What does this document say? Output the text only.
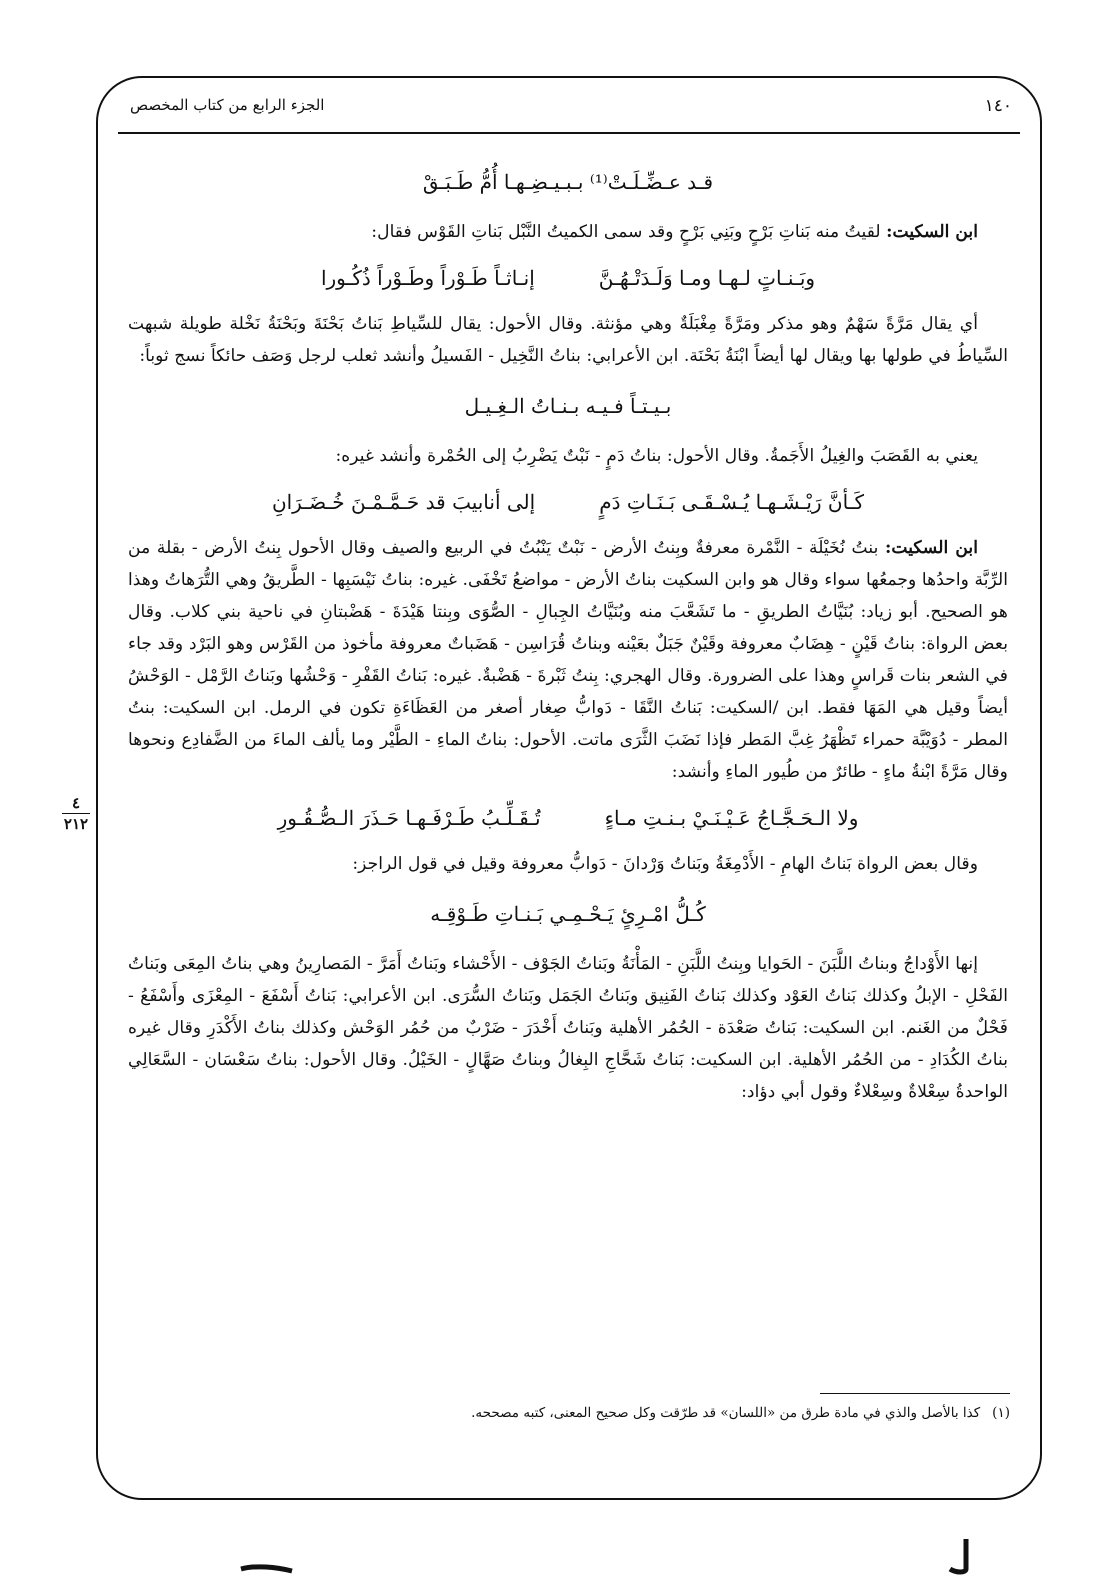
١٤٠
الجزء الرابع من كتاب المخصص
قـد عـضِّـلَـتْ⁽¹⁾ بـبـيـضِـهـا أُمُّ طَـبَـقْ

ابن السكيت: لقيتُ منه بَناتِ بَرْحٍ وبَنِي بَرْحٍ وقد سمى الكميتُ النَّبْل بَناتِ القَوْس فقال:

وبَـنـاتٍ لـهـا ومـا وَلَـدَتْـهُـنَّ
إنـاثـاً طَـوْراً وطَـوْراً ذُكُـورا

أي يقال مَرَّةً سَهْمٌ وهو مذكر ومَرَّةً مِغْبَلَةٌ وهي مؤنثة. وقال الأحول: يقال للسِّياطِ بَناتُ بَحْنَةَ وبَحْنَةُ نَخْلة طويلة شبهت السِّياطُ في طولها بها ويقال لها أيضاً ابْنَةُ بَحْنَة. ابن الأعرابي: بناتُ النَّخِيل - الفَسيلُ وأنشد ثعلب لرجل وَصَف حائكاً نسج ثوباً:

بـيـتـاً فـيـه بـنـاتُ الـغِـيـل

يعني به القَصَبَ والغِيلُ الأَجَمةُ. وقال الأحول: بناتُ دَمٍ - نَبْتٌ يَضْرِبُ إلى الحُمْرة وأنشد غيره:

كَـأنَّ رَيْـشَـهـا يُـسْـقَـى بَـنَـاتِ دَمٍ
إلى أنابيبَ قد حَـمَّـمْـنَ خُـضَـرَانِ

ابن السكيت: بنتُ نُخَيْلَة - النَّمْرة معرفةٌ وبِنتُ الأرض - نَبْتٌ يَنْبُتُ في الربيع والصيف وقال الأحول بِنتُ الأرض - بقلة من الرِّبَّة واحدُها وجمعُها سواء وقال هو وابن السكيت بناتُ الأرض - مواضعُ تَخْفَى. غيره: بناتُ نَيْسَبِها - الطَّريقُ وهي التُّرَهاتُ وهذا هو الصحيح. أبو زياد: بُنَيَّاتُ الطريقِ - ما تَشَعَّبَ منه وبُنَيَّاتُ الجِبالِ - الصُّوَى وبِنتا هَيْدَةَ - هَضْبتانِ في ناحية بني كلاب. وقال بعض الرواة: بناتُ قَيْنٍ - هِضَابٌ معروفة وقَيْنٌ جَبَلٌ بعَيْنه وبناتُ قُرَاسِن - هَضَباتٌ معروفة مأخوذ من القَرْس وهو البَرْد وقد جاء في الشعر بنات قَراسٍ وهذا على الضرورة. وقال الهجري: بِنتُ ثَبْرةَ - هَضْبةٌ. غيره: بَناتُ القَفْرِ - وَحْشُها وبَناتُ الرَّمْل - الوَحْشُ أيضاً وقيل هي المَهَا فقط. ابن /السكيت: بَناتُ النَّقَا - دَوابُّ صِغار أصغر من العَظَاءَةِ تكون في الرمل. ابن السكيت: بنتُ المطر - دُوَيْبَّة حمراء تَظْهَرُ غِبَّ المَطر فإذا نَضَبَ الثَّرَى ماتت. الأحول: بناتُ الماءِ - الطَّيْر وما يألف الماءَ من الضَّفادِع ونحوها وقال مَرَّةً ابْنةُ ماءٍ - طائرٌ من طُيور الماءِ وأنشد:

ولا الـحَـجَّـاجُ عَـيْـنَـيْ بـنـتِ مـاءٍ
تُـقَـلِّـبُ طَـرْفَـهـا حَـذَرَ الـصُّـقُـورِ

وقال بعض الرواة بَناتُ الهامِ - الأَدْمِغَةُ وبَناتُ وَرْدانَ - دَوابُّ معروفة وقيل في قول الراجز:

كُـلُّ امْـرِئٍ يَـحْـمِـي بَـنـاتِ طَـوْقِـه

إنها الأَوْداجُ وبناتُ اللَّبَنَ - الحَوايا وبِنتُ اللَّبَنِ - المَأْنَةُ وبَناتُ الجَوْف - الأَحْشاء وبَناتُ أَمَرَّ - المَصارِينُ وهي بناتُ المِعَى وبَناتُ الفَحْلِ - الإبلُ وكذلك بَناتُ العَوْد وكذلك بَناتُ الفَنِيق وبَناتُ الجَمَل وبَناتُ السُّرَى. ابن الأعرابي: بَناتُ أَسْفَعَ - المِعْزَى وأَسْفَعُ - فَحْلٌ من الغَنم. ابن السكيت: بَناتُ صَعْدَة - الحُمُر الأهلية وبَناتُ أَخْدَرَ - ضَرْبٌ من حُمُر الوَحْش وكذلك بناتُ الأَكْدَرِ وقال غيره بناتُ الكُدَادِ - من الحُمُر الأهلية. ابن السكيت: بَناتُ شَحَّاجِ البِغالُ وبناتُ صَهَّالٍ - الخَيْلُ. وقال الأحول: بناتُ سَعْسَان - السَّعَالِي الواحدةُ سِعْلاةٌ وسِعْلاءٌ وقول أبي دؤاد:

٤
٢١٢
(١)كذا بالأصل والذي في مادة طرق من «اللسان» قد طرّقت وكل صحيح المعنى، كتبه مصححه.
